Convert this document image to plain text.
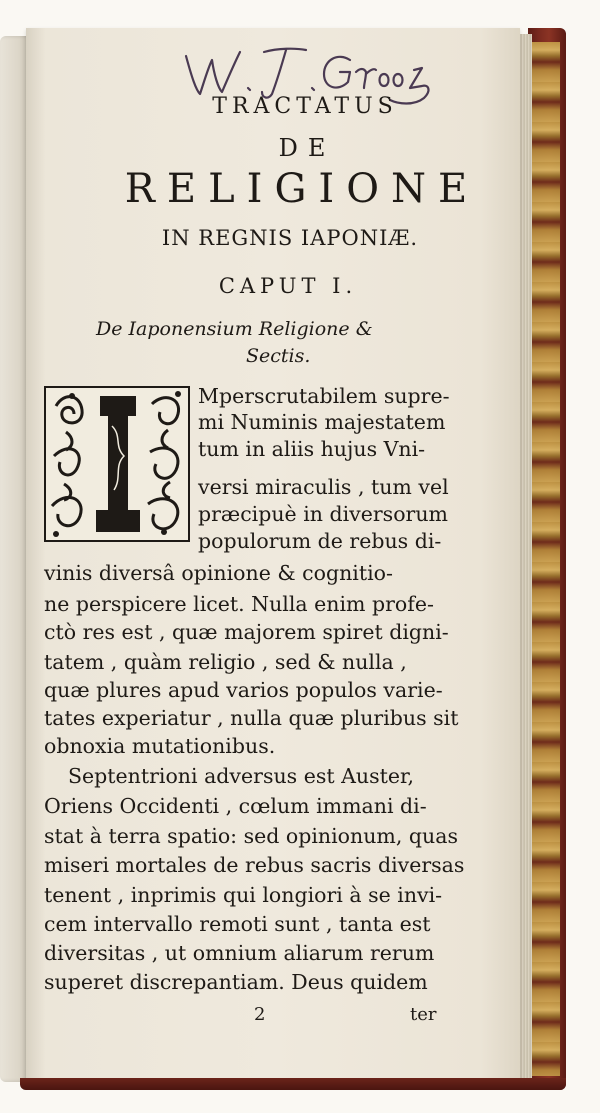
TRACTATUS
DE
RELIGIONE
IN REGNIS IAPONIÆ.
CAPUT I.
De Iaponensium Religione &
Sectis.
Mperscrutabilem supre-
mi Numinis majestatem
tum in aliis hujus Vni-
versi miraculis , tum vel
præcipuè in diversorum
populorum de rebus di-
vinis diversâ opinione & cognitio-
ne perspicere licet. Nulla enim profe-
ctò res est , quæ majorem spiret digni-
tatem , quàm religio , sed & nulla ,
quæ plures apud varios populos varie-
tates experiatur , nulla quæ pluribus sit
obnoxia mutationibus.
Septentrioni adversus est Auster,
Oriens Occidenti , cœlum immani di-
stat à terra spatio: sed opinionum, quas
miseri mortales de rebus sacris diversas
tenent , inprimis qui longiori à se invi-
cem intervallo remoti sunt , tanta est
diversitas , ut omnium aliarum rerum
superet discrepantiam. Deus quidem
2	ter
